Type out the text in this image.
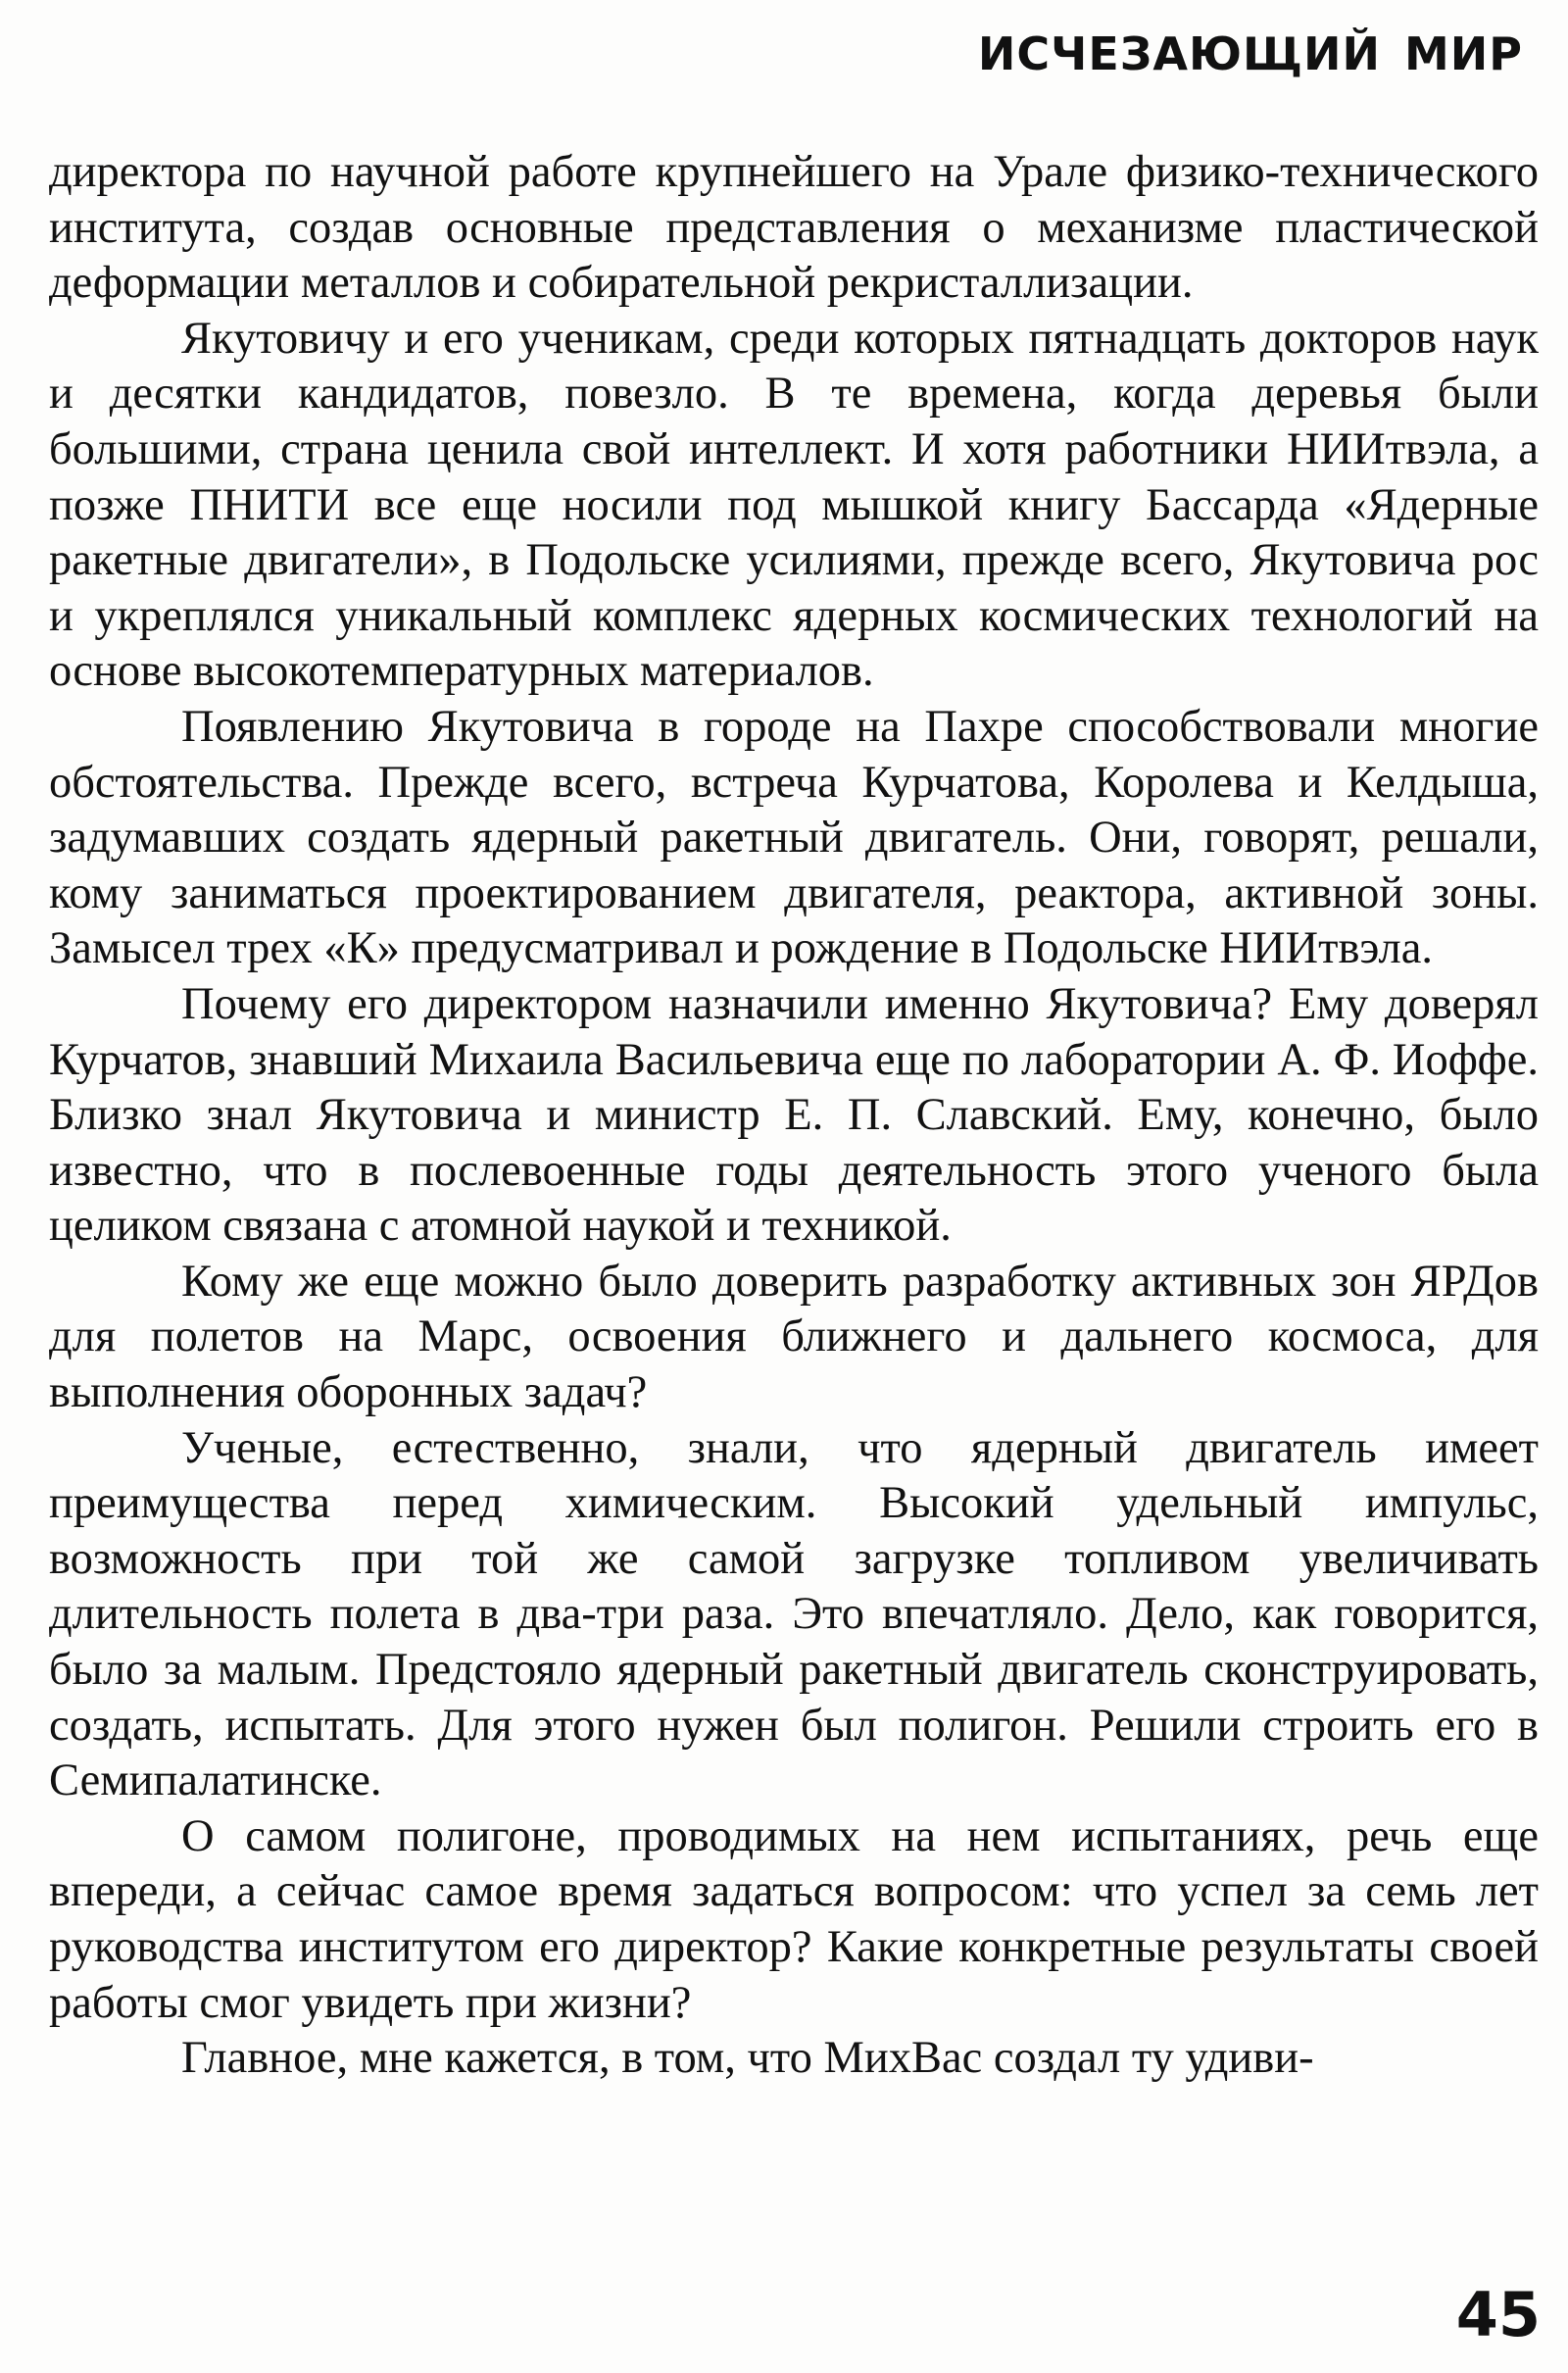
ИСЧЕЗАЮЩИЙ МИР

директора по научной работе крупнейшего на Урале физико-технического института, создав основные представления о механизме пластической деформации металлов и собирательной рекристаллизации.

Якутовичу и его ученикам, среди которых пятнадцать докторов наук и десятки кандидатов, повезло. В те времена, когда деревья были большими, страна ценила свой интеллект. И хотя работники НИИтвэла, а позже ПНИТИ все еще носили под мышкой книгу Бассарда «Ядерные ракетные двигатели», в Подольске усилиями, прежде всего, Якутовича рос и укреплялся уникальный комплекс ядерных космических технологий на основе высокотемпературных материалов.

Появлению Якутовича в городе на Пахре способствовали многие обстоятельства. Прежде всего, встреча Курчатова, Королева и Келдыша, задумавших создать ядерный ракетный двигатель. Они, говорят, решали, кому заниматься проектированием двигателя, реактора, активной зоны. Замысел трех «К» предусматривал и рождение в Подольске НИИтвэла.

Почему его директором назначили именно Якутовича? Ему доверял Курчатов, знавший Михаила Васильевича еще по лаборатории А. Ф. Иоффе. Близко знал Якутовича и министр Е. П. Славский. Ему, конечно, было известно, что в послевоенные годы деятельность этого ученого была целиком связана с атомной наукой и техникой.

Кому же еще можно было доверить разработку активных зон ЯРДов для полетов на Марс, освоения ближнего и дальнего космоса, для выполнения оборонных задач?

Ученые, естественно, знали, что ядерный двигатель имеет преимущества перед химическим. Высокий удельный импульс, возможность при той же самой загрузке топливом увеличивать длительность полета в два-три раза. Это впечатляло. Дело, как говорится, было за малым. Предстояло ядерный ракетный двигатель сконструировать, создать, испытать. Для этого нужен был полигон. Решили строить его в Семипалатинске.

О самом полигоне, проводимых на нем испытаниях, речь еще впереди, а сейчас самое время задаться вопросом: что успел за семь лет руководства институтом его директор? Какие конкретные результаты своей работы смог увидеть при жизни?

Главное, мне кажется, в том, что МихВас создал ту удиви-

45
